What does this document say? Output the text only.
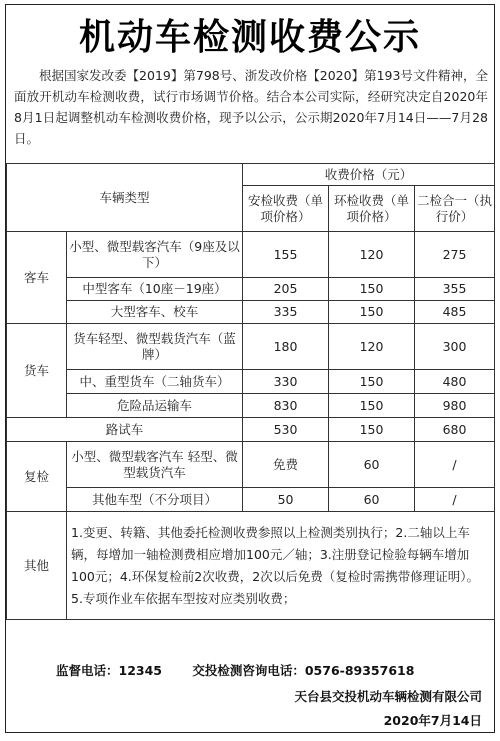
机动车检测收费公示
根据国家发改委【2019】第798号、浙发改价格【2020】第193号文件精神，全面放开机动车检测收费，试行市场调节价格。结合本公司实际，经研究决定自2020年8月1日起调整机动车检测收费价格，现予以公示，公示期2020年7月14日——7月28日。
车辆类型		收费价格（元）		
		安检收费（单项价格）	环检收费（单项价格）	二检合一（执行价）
客车	小型、微型载客汽车（9座及以下）	155	120	275
	中型客车（10座－19座）	205	150	355
	大型客车、校车	335	150	485
货车	货车轻型、微型载货汽车（蓝牌）	180	120	300
	中、重型货车（二轴货车）	330	150	480
	危险品运输车	830	150	980
路试车		530	150	680
复检	小型、微型载客汽车 轻型、微型载货汽车	免费	60	/
	其他车型（不分项目）	50	60	/
其他	1.变更、转籍、其他委托检测收费参照以上检测类别执行；2.二轴以上车辆，每增加一轴检测费相应增加100元／轴；3.注册登记检验每辆车增加100元；4.环保复检前2次收费，2次以后免费（复检时需携带修理证明）。5.专项作业车依据车型按对应类别收费；			
监督电话：12345 交投检测咨询电话：0576-89357618
天台县交投机动车辆检测有限公司
2020年7月14日
